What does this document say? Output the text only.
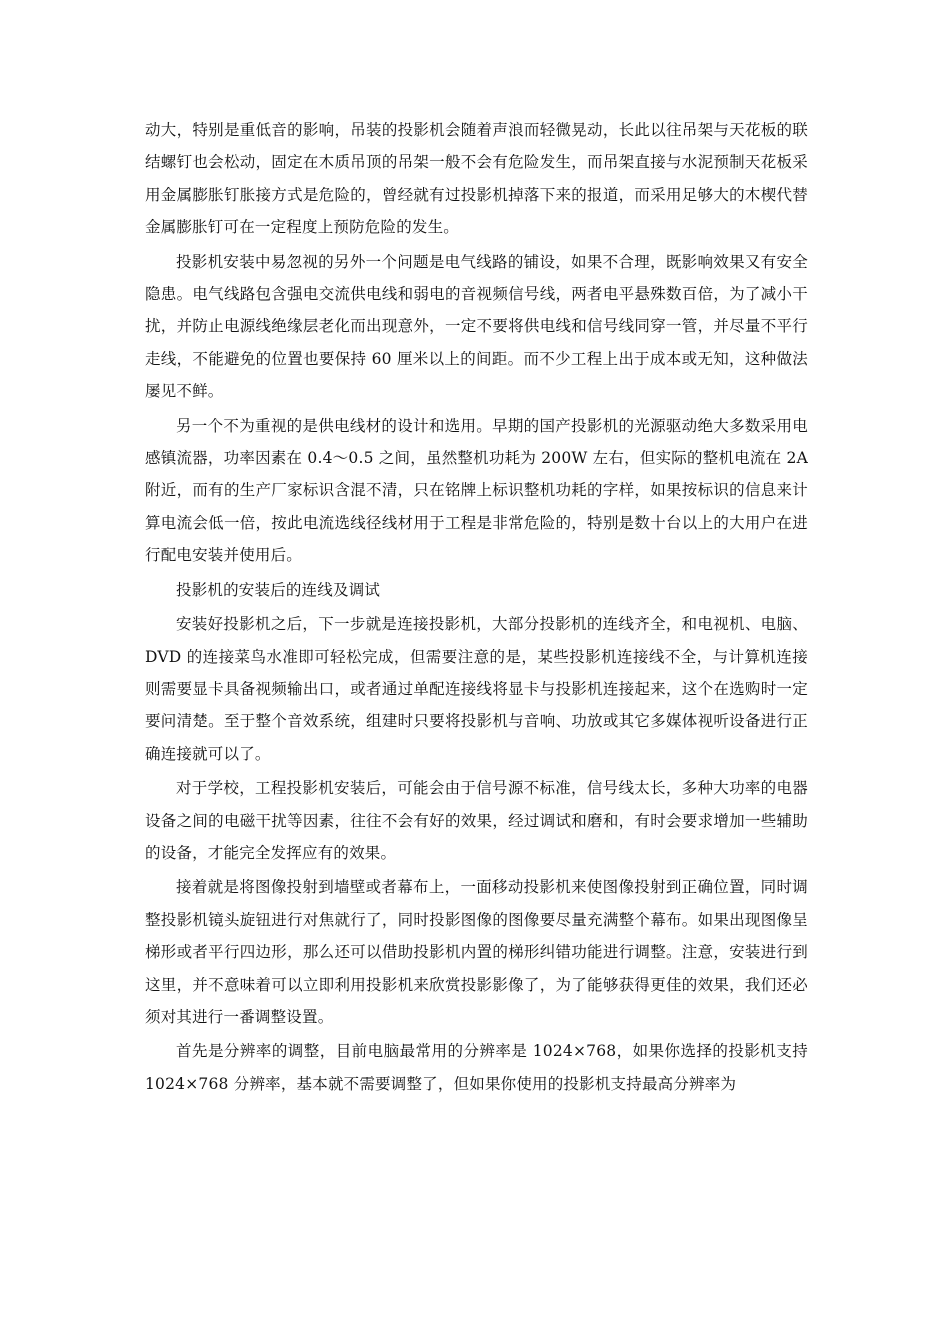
动大，特别是重低音的影响，吊装的投影机会随着声浪而轻微晃动，长此以往吊架与天花板的联结螺钉也会松动，固定在木质吊顶的吊架一般不会有危险发生，而吊架直接与水泥预制天花板采用金属膨胀钉胀接方式是危险的，曾经就有过投影机掉落下来的报道，而采用足够大的木楔代替金属膨胀钉可在一定程度上预防危险的发生。

投影机安装中易忽视的另外一个问题是电气线路的铺设，如果不合理，既影响效果又有安全隐患。电气线路包含强电交流供电线和弱电的音视频信号线，两者电平悬殊数百倍，为了减小干扰，并防止电源线绝缘层老化而出现意外，一定不要将供电线和信号线同穿一管，并尽量不平行走线，不能避免的位置也要保持 60 厘米以上的间距。而不少工程上出于成本或无知，这种做法屡见不鲜。

另一个不为重视的是供电线材的设计和选用。早期的国产投影机的光源驱动绝大多数采用电感镇流器，功率因素在 0.4～0.5 之间，虽然整机功耗为 200W 左右，但实际的整机电流在 2A 附近，而有的生产厂家标识含混不清，只在铭牌上标识整机功耗的字样，如果按标识的信息来计算电流会低一倍，按此电流选线径线材用于工程是非常危险的，特别是数十台以上的大用户在进行配电安装并使用后。

投影机的安装后的连线及调试

安装好投影机之后，下一步就是连接投影机，大部分投影机的连线齐全，和电视机、电脑、DVD 的连接菜鸟水准即可轻松完成，但需要注意的是，某些投影机连接线不全，与计算机连接则需要显卡具备视频输出口，或者通过单配连接线将显卡与投影机连接起来，这个在选购时一定要问清楚。至于整个音效系统，组建时只要将投影机与音响、功放或其它多媒体视听设备进行正确连接就可以了。

对于学校，工程投影机安装后，可能会由于信号源不标准，信号线太长，多种大功率的电器设备之间的电磁干扰等因素，往往不会有好的效果，经过调试和磨和，有时会要求增加一些辅助的设备，才能完全发挥应有的效果。

接着就是将图像投射到墙壁或者幕布上，一面移动投影机来使图像投射到正确位置，同时调整投影机镜头旋钮进行对焦就行了，同时投影图像的图像要尽量充满整个幕布。如果出现图像呈梯形或者平行四边形，那么还可以借助投影机内置的梯形纠错功能进行调整。注意，安装进行到这里，并不意味着可以立即利用投影机来欣赏投影影像了，为了能够获得更佳的效果，我们还必须对其进行一番调整设置。

首先是分辨率的调整，目前电脑最常用的分辨率是 1024×768，如果你选择的投影机支持 1024×768 分辨率，基本就不需要调整了，但如果你使用的投影机支持最高分辨率为
